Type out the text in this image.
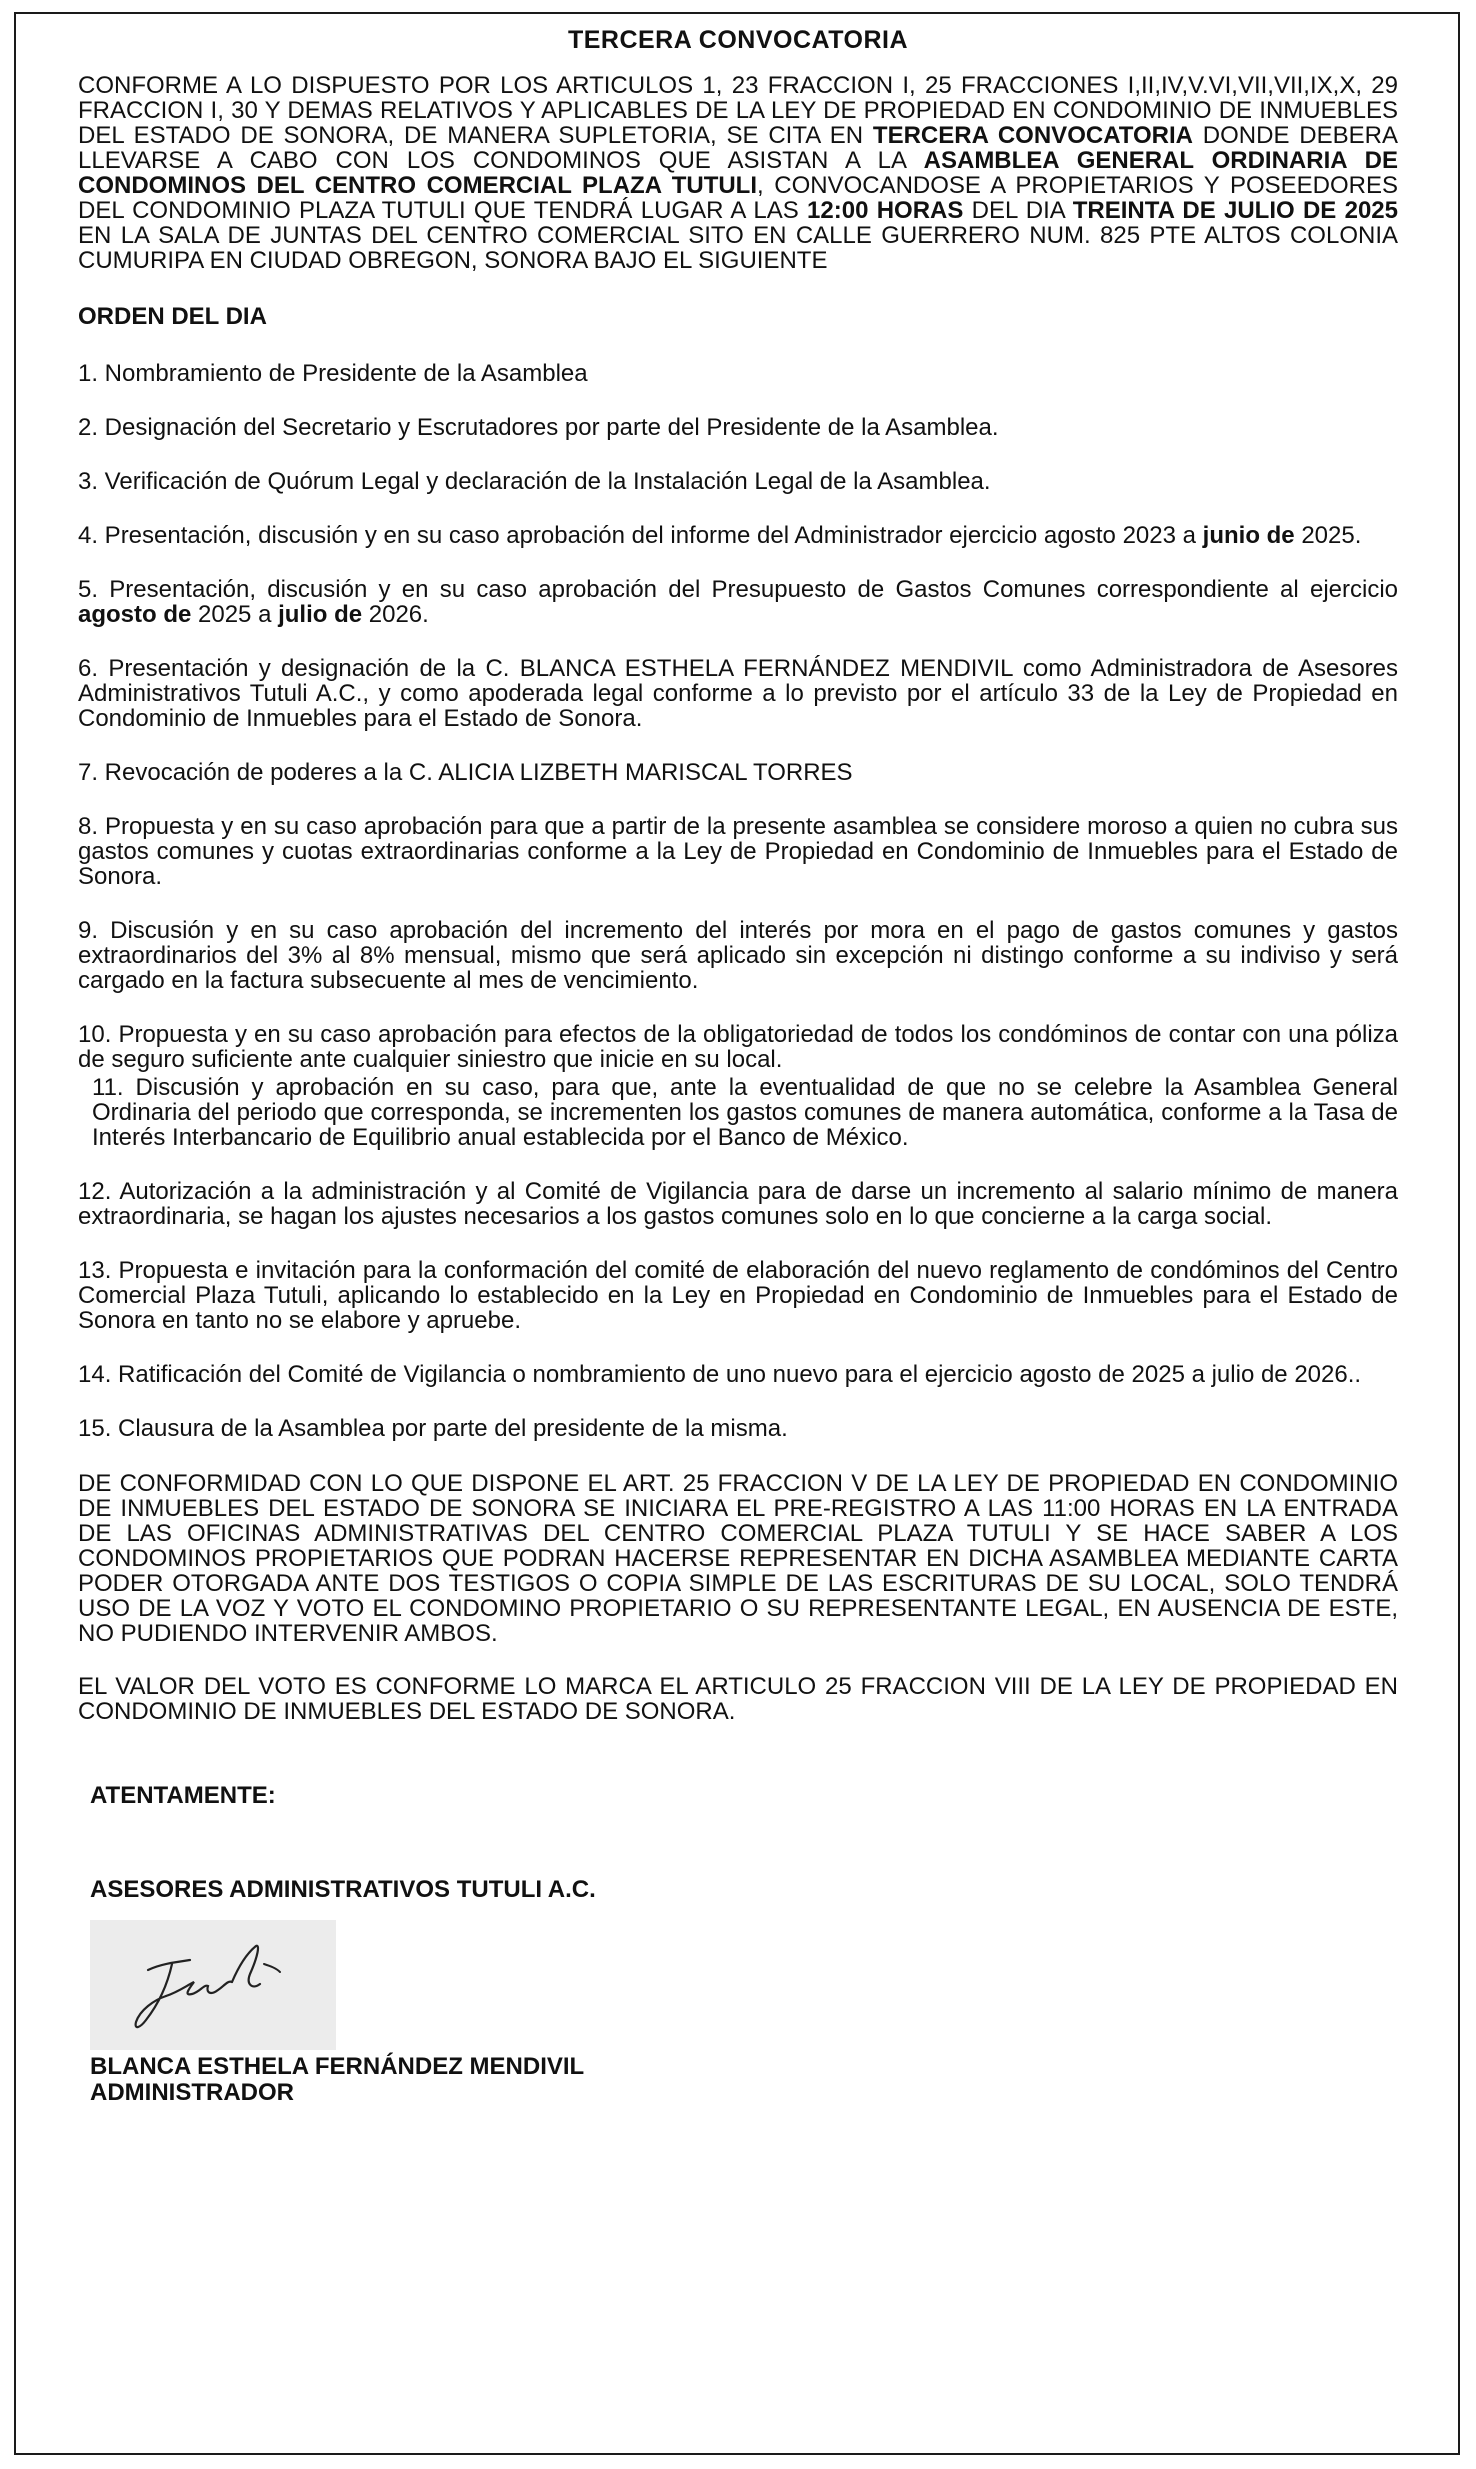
TERCERA CONVOCATORIA

CONFORME A LO DISPUESTO POR LOS ARTICULOS 1, 23 FRACCION I, 25 FRACCIONES I,II,IV,V.VI,VII,VII,IX,X, 29 FRACCION I, 30 Y DEMAS RELATIVOS Y APLICABLES DE LA LEY DE PROPIEDAD EN CONDOMINIO DE INMUEBLES DEL ESTADO DE SONORA, DE MANERA SUPLETORIA, SE CITA EN TERCERA CONVOCATORIA DONDE DEBERA LLEVARSE A CABO CON LOS CONDOMINOS QUE ASISTAN A LA ASAMBLEA GENERAL ORDINARIA DE CONDOMINOS DEL CENTRO COMERCIAL PLAZA TUTULI, CONVOCANDOSE A PROPIETARIOS Y POSEEDORES DEL CONDOMINIO PLAZA TUTULI QUE TENDRÁ LUGAR A LAS 12:00 HORAS DEL DIA TREINTA DE JULIO DE 2025 EN LA SALA DE JUNTAS DEL CENTRO COMERCIAL SITO EN CALLE GUERRERO NUM. 825 PTE ALTOS COLONIA CUMURIPA EN CIUDAD OBREGON, SONORA BAJO EL SIGUIENTE

ORDEN DEL DIA
1. Nombramiento de Presidente de la Asamblea
2. Designación del Secretario y Escrutadores por parte del Presidente de la Asamblea.
3. Verificación de Quórum Legal y declaración de la Instalación Legal de la Asamblea.
4. Presentación, discusión y en su caso aprobación del informe del Administrador ejercicio agosto 2023 a junio de 2025.
5. Presentación, discusión y en su caso aprobación del Presupuesto de Gastos Comunes correspondiente al ejercicio agosto de 2025 a julio de 2026.
6. Presentación y designación de la C. BLANCA ESTHELA FERNÁNDEZ MENDIVIL como Administradora de Asesores Administrativos Tutuli A.C., y como apoderada legal conforme a lo previsto por el artículo 33 de la Ley de Propiedad en Condominio de Inmuebles para el Estado de Sonora.
7. Revocación de poderes a la C. ALICIA LIZBETH MARISCAL TORRES
8. Propuesta y en su caso aprobación para que a partir de la presente asamblea se considere moroso a quien no cubra sus gastos comunes y cuotas extraordinarias conforme a la Ley de Propiedad en Condominio de Inmuebles para el Estado de Sonora.
9. Discusión y en su caso aprobación del incremento del interés por mora en el pago de gastos comunes y gastos extraordinarios del 3% al 8% mensual, mismo que será aplicado sin excepción ni distingo conforme a su indiviso y será cargado en la factura subsecuente al mes de vencimiento.
10. Propuesta y en su caso aprobación para efectos de la obligatoriedad de todos los condóminos de contar con una póliza de seguro suficiente ante cualquier siniestro que inicie en su local.
11. Discusión y aprobación en su caso, para que, ante la eventualidad de que no se celebre la Asamblea General Ordinaria del periodo que corresponda, se incrementen los gastos comunes de manera automática, conforme a la Tasa de Interés Interbancario de Equilibrio anual establecida por el Banco de México.
12. Autorización a la administración y al Comité de Vigilancia para de darse un incremento al salario mínimo de manera extraordinaria, se hagan los ajustes necesarios a los gastos comunes solo en lo que concierne a la carga social.
13. Propuesta e invitación para la conformación del comité de elaboración del nuevo reglamento de condóminos del Centro Comercial Plaza Tutuli, aplicando lo establecido en la Ley en Propiedad en Condominio de Inmuebles para el Estado de Sonora en tanto no se elabore y apruebe.
14. Ratificación del Comité de Vigilancia o nombramiento de uno nuevo para el ejercicio agosto de 2025 a julio de 2026..
15. Clausura de la Asamblea por parte del presidente de la misma.

DE CONFORMIDAD CON LO QUE DISPONE EL ART. 25 FRACCION V DE LA LEY DE PROPIEDAD EN CONDOMINIO DE INMUEBLES DEL ESTADO DE SONORA SE INICIARA EL PRE-REGISTRO A LAS 11:00 HORAS EN LA ENTRADA DE LAS OFICINAS ADMINISTRATIVAS DEL CENTRO COMERCIAL PLAZA TUTULI Y SE HACE SABER A LOS CONDOMINOS PROPIETARIOS QUE PODRAN HACERSE REPRESENTAR EN DICHA ASAMBLEA MEDIANTE CARTA PODER OTORGADA ANTE DOS TESTIGOS O COPIA SIMPLE DE LAS ESCRITURAS DE SU LOCAL, SOLO TENDRÁ USO DE LA VOZ Y VOTO EL CONDOMINO PROPIETARIO O SU REPRESENTANTE LEGAL, EN AUSENCIA DE ESTE, NO PUDIENDO INTERVENIR AMBOS.

EL VALOR DEL VOTO ES CONFORME LO MARCA EL ARTICULO 25 FRACCION VIII DE LA LEY DE PROPIEDAD EN CONDOMINIO DE INMUEBLES DEL ESTADO DE SONORA.

ATENTAMENTE:
ASESORES ADMINISTRATIVOS TUTULI A.C.

BLANCA ESTHELA FERNÁNDEZ MENDIVIL

ADMINISTRADOR
